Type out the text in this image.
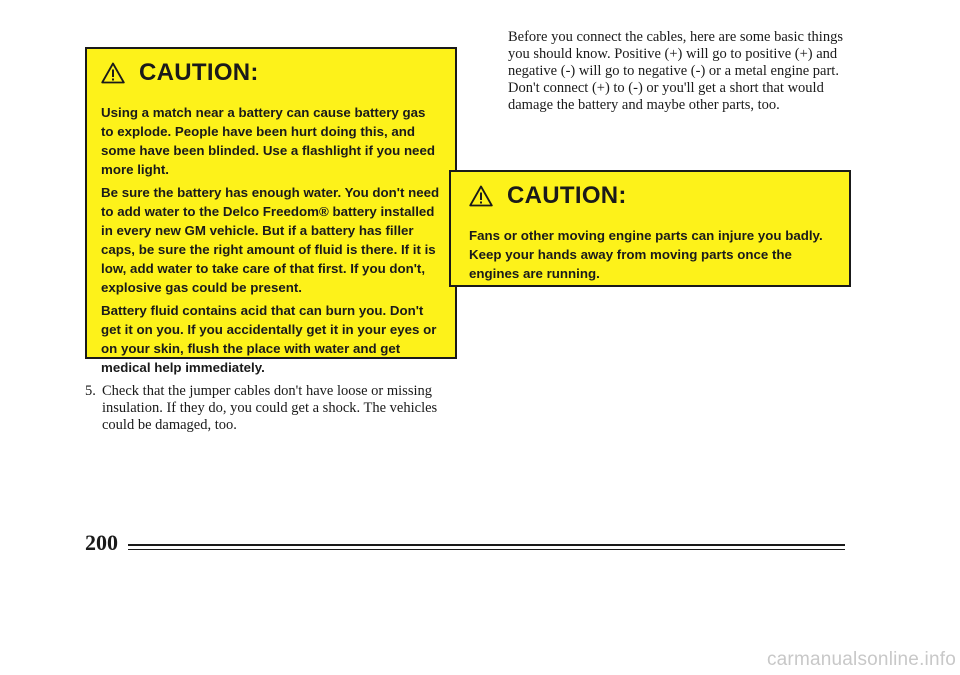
CAUTION:

Using a match near a battery can cause battery gas to explode. People have been hurt doing this, and some have been blinded. Use a flashlight if you need more light.

Be sure the battery has enough water. You don't need to add water to the Delco Freedom® battery installed in every new GM vehicle. But if a battery has filler caps, be sure the right amount of fluid is there. If it is low, add water to take care of that first. If you don't, explosive gas could be present.

Battery fluid contains acid that can burn you. Don't get it on you. If you accidentally get it in your eyes or on your skin, flush the place with water and get medical help immediately.

Before you connect the cables, here are some basic things you should know. Positive (+) will go to positive (+) and negative (-) will go to negative (-) or a metal engine part. Don't connect (+) to (-) or you'll get a short that would damage the battery and maybe other parts, too.

CAUTION:

Fans or other moving engine parts can injure you badly. Keep your hands away from moving parts once the engines are running.

5. Check that the jumper cables don't have loose or missing insulation. If they do, you could get a shock. The vehicles could be damaged, too.
200
carmanualsonline.info
